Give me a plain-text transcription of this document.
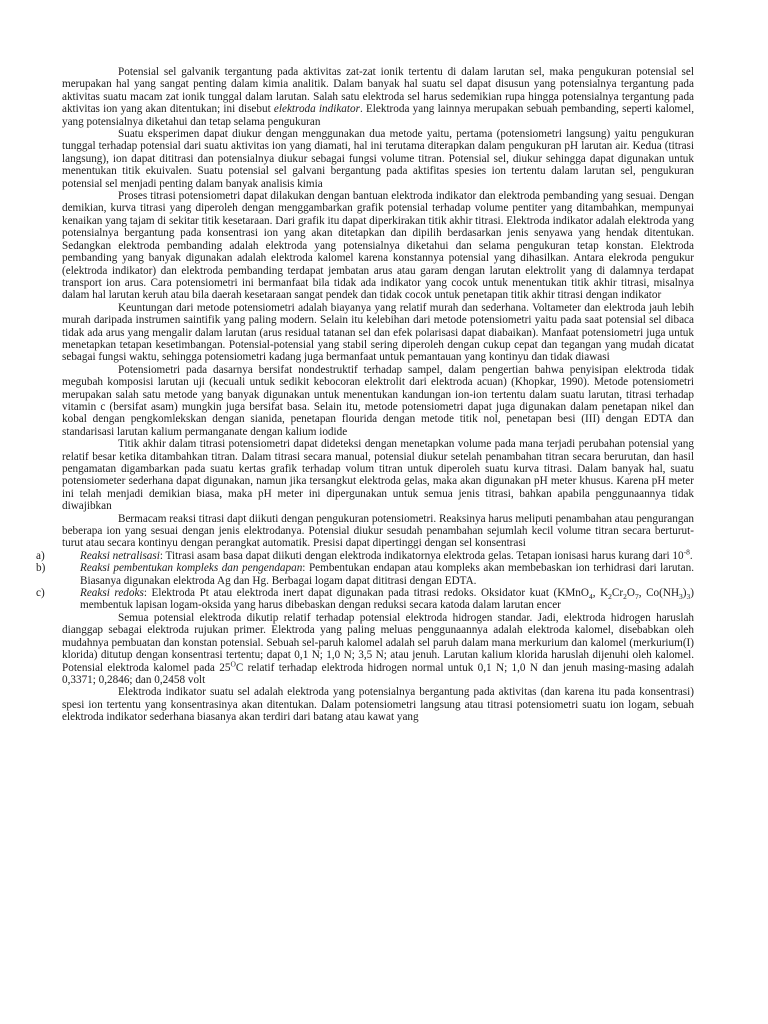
Potensial sel galvanik tergantung pada aktivitas zat-zat ionik tertentu di dalam larutan sel, maka pengukuran potensial sel merupakan hal yang sangat penting dalam kimia analitik. Dalam banyak hal suatu sel dapat disusun yang potensialnya tergantung pada aktivitas suatu macam zat ionik tunggal dalam larutan. Salah satu elektroda sel harus sedemikian rupa hingga potensialnya tergantung pada aktivitas ion yang akan ditentukan; ini disebut elektroda indikator. Elektroda yang lainnya merupakan sebuah pembanding, seperti kalomel, yang potensialnya diketahui dan tetap selama pengukuran

Suatu eksperimen dapat diukur dengan menggunakan dua metode yaitu, pertama (potensiometri langsung) yaitu pengukuran tunggal terhadap potensial dari suatu aktivitas ion yang diamati, hal ini terutama diterapkan dalam pengukuran pH larutan air. Kedua (titrasi langsung), ion dapat dititrasi dan potensialnya diukur sebagai fungsi volume titran. Potensial sel, diukur sehingga dapat digunakan untuk menentukan titik ekuivalen. Suatu potensial sel galvani bergantung pada aktifitas spesies ion tertentu dalam larutan sel, pengukuran potensial sel menjadi penting dalam banyak analisis kimia

Proses titrasi potensiometri dapat dilakukan dengan bantuan elektroda indikator dan elektroda pembanding yang sesuai. Dengan demikian, kurva titrasi yang diperoleh dengan menggambarkan grafik potensial terhadap volume pentiter yang ditambahkan, mempunyai kenaikan yang tajam di sekitar titik kesetaraan. Dari grafik itu dapat diperkirakan titik akhir titrasi. Elektroda indikator adalah elektroda yang potensialnya bergantung pada konsentrasi ion yang akan ditetapkan dan dipilih berdasarkan jenis senyawa yang hendak ditentukan. Sedangkan elektroda pembanding adalah elektroda yang potensialnya diketahui dan selama pengukuran tetap konstan. Elektroda pembanding yang banyak digunakan adalah elektroda kalomel karena konstannya potensial yang dihasilkan. Antara elekroda pengukur (elektroda indikator) dan elektroda pembanding terdapat jembatan arus atau garam dengan larutan elektrolit yang di dalamnya terdapat transport ion arus. Cara potensiometri ini bermanfaat bila tidak ada indikator yang cocok untuk menentukan titik akhir titrasi, misalnya dalam hal larutan keruh atau bila daerah kesetaraan sangat pendek dan tidak cocok untuk penetapan titik akhir titrasi dengan indikator

Keuntungan dari metode potensiometri adalah biayanya yang relatif murah dan sederhana. Voltameter dan elektroda jauh lebih murah daripada instrumen saintifik yang paling modern. Selain itu kelebihan dari metode potensiometri yaitu pada saat potensial sel dibaca tidak ada arus yang mengalir dalam larutan (arus residual tatanan sel dan efek polarisasi dapat diabaikan). Manfaat potensiometri juga untuk menetapkan tetapan kesetimbangan. Potensial-potensial yang stabil sering diperoleh dengan cukup cepat dan tegangan yang mudah dicatat sebagai fungsi waktu, sehingga potensiometri kadang juga bermanfaat untuk pemantauan yang kontinyu dan tidak diawasi

Potensiometri pada dasarnya bersifat nondestruktif terhadap sampel, dalam pengertian bahwa penyisipan elektroda tidak megubah komposisi larutan uji (kecuali untuk sedikit kebocoran elektrolit dari elektroda acuan) (Khopkar, 1990). Metode potensiometri merupakan salah satu metode yang banyak digunakan untuk menentukan kandungan ion-ion tertentu dalam suatu larutan, titrasi terhadap vitamin c (bersifat asam) mungkin juga bersifat basa. Selain itu, metode potensiometri dapat juga digunakan dalam penetapan nikel dan kobal dengan pengkomlekskan dengan sianida, penetapan flourida dengan metode titik nol, penetapan besi (III) dengan EDTA dan standarisasi larutan kalium permanganate dengan kalium iodide

Titik akhir dalam titrasi potensiometri dapat dideteksi dengan menetapkan volume pada mana terjadi perubahan potensial yang relatif besar ketika ditambahkan titran. Dalam titrasi secara manual, potensial diukur setelah penambahan titran secara berurutan, dan hasil pengamatan digambarkan pada suatu kertas grafik terhadap volum titran untuk diperoleh suatu kurva titrasi. Dalam banyak hal, suatu potensiometer sederhana dapat digunakan, namun jika tersangkut elektroda gelas, maka akan digunakan pH meter khusus. Karena pH meter ini telah menjadi demikian biasa, maka pH meter ini dipergunakan untuk semua jenis titrasi, bahkan apabila penggunaannya tidak diwajibkan

Bermacam reaksi titrasi dapt diikuti dengan pengukuran potensiometri. Reaksinya harus meliputi penambahan atau pengurangan beberapa ion yang sesuai dengan jenis elektrodanya. Potensial diukur sesudah penambahan sejumlah kecil volume titran secara berturut-turut atau secara kontinyu dengan perangkat automatik. Presisi dapat dipertinggi dengan sel konsentrasi

a)	Reaksi netralisasi: Titrasi asam basa dapat diikuti dengan elektroda indikatornya elektroda gelas. Tetapan ionisasi harus kurang dari $10^{-8}$.
b)	Reaksi pembentukan kompleks dan pengendapan: Pembentukan endapan atau kompleks akan membebaskan ion terhidrasi dari larutan. Biasanya digunakan elektroda Ag dan Hg. Berbagai logam dapat dititrasi dengan EDTA.
c)	Reaksi redoks: Elektroda Pt atau elektroda inert dapat digunakan pada titrasi redoks. Oksidator kuat (KMnO$_4$, $K_2Cr_2O_7$, $Co(NH_3)_3$) membentuk lapisan logam-oksida yang harus dibebaskan dengan reduksi secara katoda dalam larutan encer

Semua potensial elektroda dikutip relatif terhadap potensial elektroda hidrogen standar. Jadi, elektroda hidrogen haruslah dianggap sebagai elektroda rujukan primer. Elektroda yang paling meluas penggunaannya adalah elektroda kalomel, disebabkan oleh mudahnya pembuatan dan konstan potensial. Sebuah sel-paruh kalomel adalah sel paruh dalam mana merkurium dan kalomel (merkurium(I) klorida) ditutup dengan konsentrasi tertentu; dapat 0,1 N; 1,0 N; 3,5 N; atau jenuh. Larutan kalium klorida haruslah dijenuhi oleh kalomel. Potensial elektroda kalomel pada $25^OC$ relatif terhadap elektroda hidrogen normal untuk 0,1 N; 1,0 N dan jenuh masing-masing adalah 0,3371; 0,2846; dan 0,2458 volt

Elektroda indikator suatu sel adalah elektroda yang potensialnya bergantung pada aktivitas (dan karena itu pada konsentrasi) spesi ion tertentu yang konsentrasinya akan ditentukan. Dalam potensiometri langsung atau titrasi potensiometri suatu ion logam, sebuah elektroda indikator sederhana biasanya akan terdiri dari batang atau kawat yang
